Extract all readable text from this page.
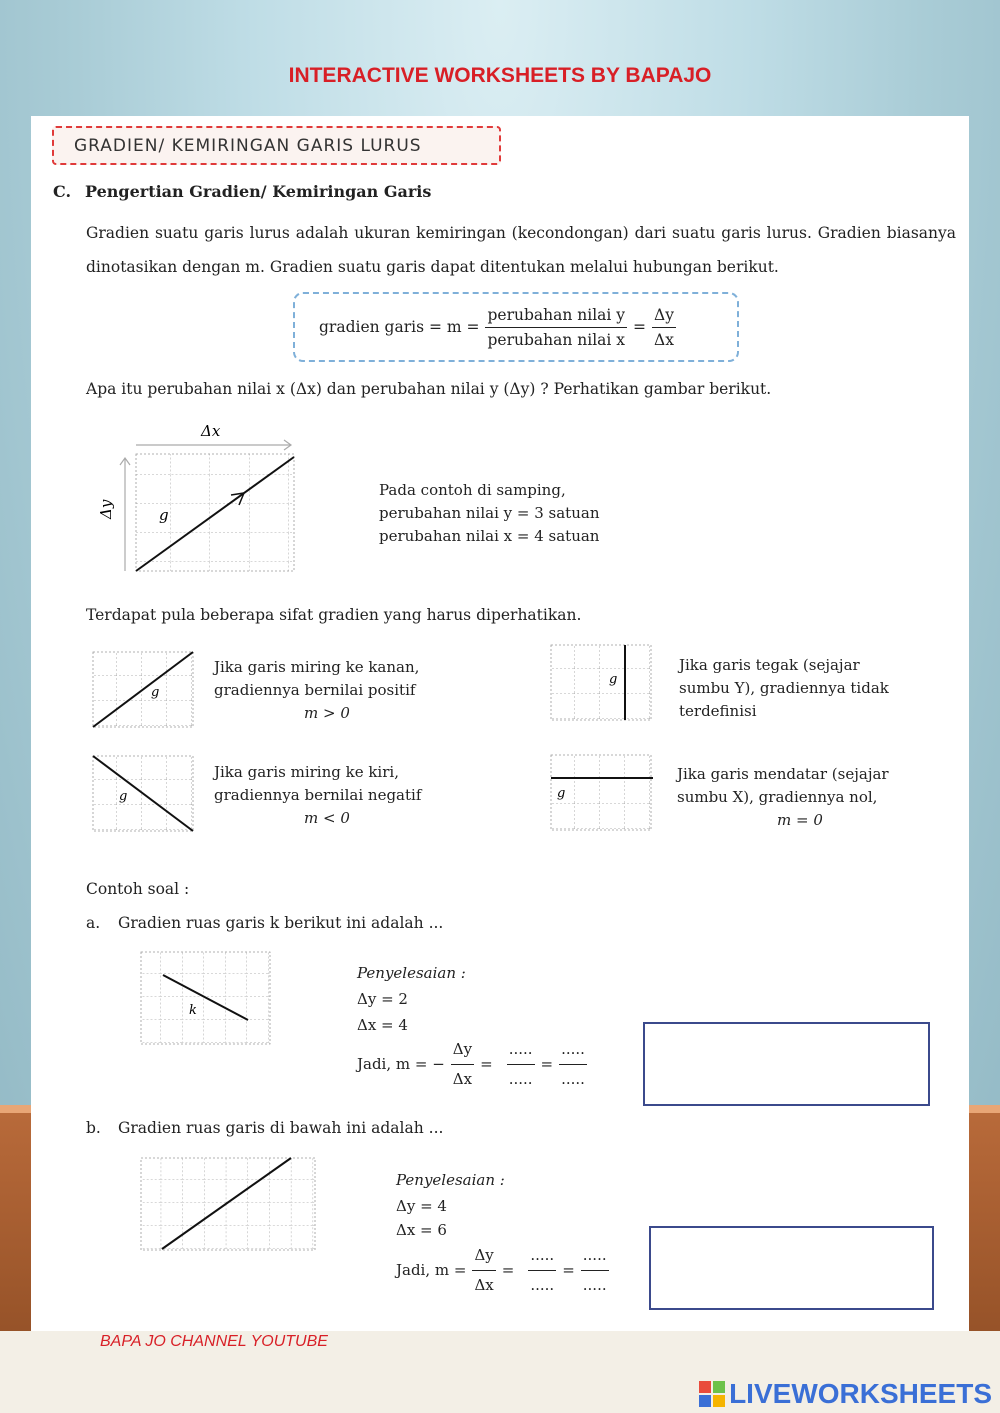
INTERACTIVE WORKSHEETS BY BAPAJO
GRADIEN/ KEMIRINGAN GARIS LURUS
C. Pengertian Gradien/ Kemiringan Garis
Gradien suatu garis lurus adalah ukuran kemiringan (kecondongan) dari suatu garis lurus. Gradien biasanya dinotasikan dengan m. Gradien suatu garis dapat ditentukan melalui hubungan berikut.
gradien garis = $m = \frac{\text{perubahan nilai y}}{\text{perubahan nilai x}} = \frac{\Delta y}{\Delta x}$
Apa itu perubahan nilai x (Δx) dan perubahan nilai y (Δy) ? Perhatikan gambar berikut.
Δx
Δy	g
Pada contoh di samping,
perubahan nilai y = 3 satuan
perubahan nilai x = 4 satuan
Terdapat pula beberapa sifat gradien yang harus diperhatikan.
g
Jika garis miring ke kanan,
gradiennya bernilai positif
m > 0
g
Jika garis tegak (sejajar
sumbu Y), gradiennya tidak
terdefinisi
g
Jika garis miring ke kiri,
gradiennya bernilai negatif
m < 0
g
Jika garis mendatar (sejajar
sumbu X), gradiennya nol,
m = 0
Contoh soal :
a. Gradien ruas garis k berikut ini adalah ...
k
Penyelesaian :
Δy = 2
Δx = 4
Jadi, m = − $\frac{\Delta y}{\Delta x} = \frac{.....}{.....} = \frac{.....}{.....}$
b. Gradien ruas garis di bawah ini adalah ...
Penyelesaian :
Δy = 4
Δx = 6
Jadi, $m = \frac{\Delta y}{\Delta x} = \frac{.....}{.....} = \frac{.....}{.....}$
BAPA JO CHANNEL YOUTUBE
LIVEWORKSHEETS
